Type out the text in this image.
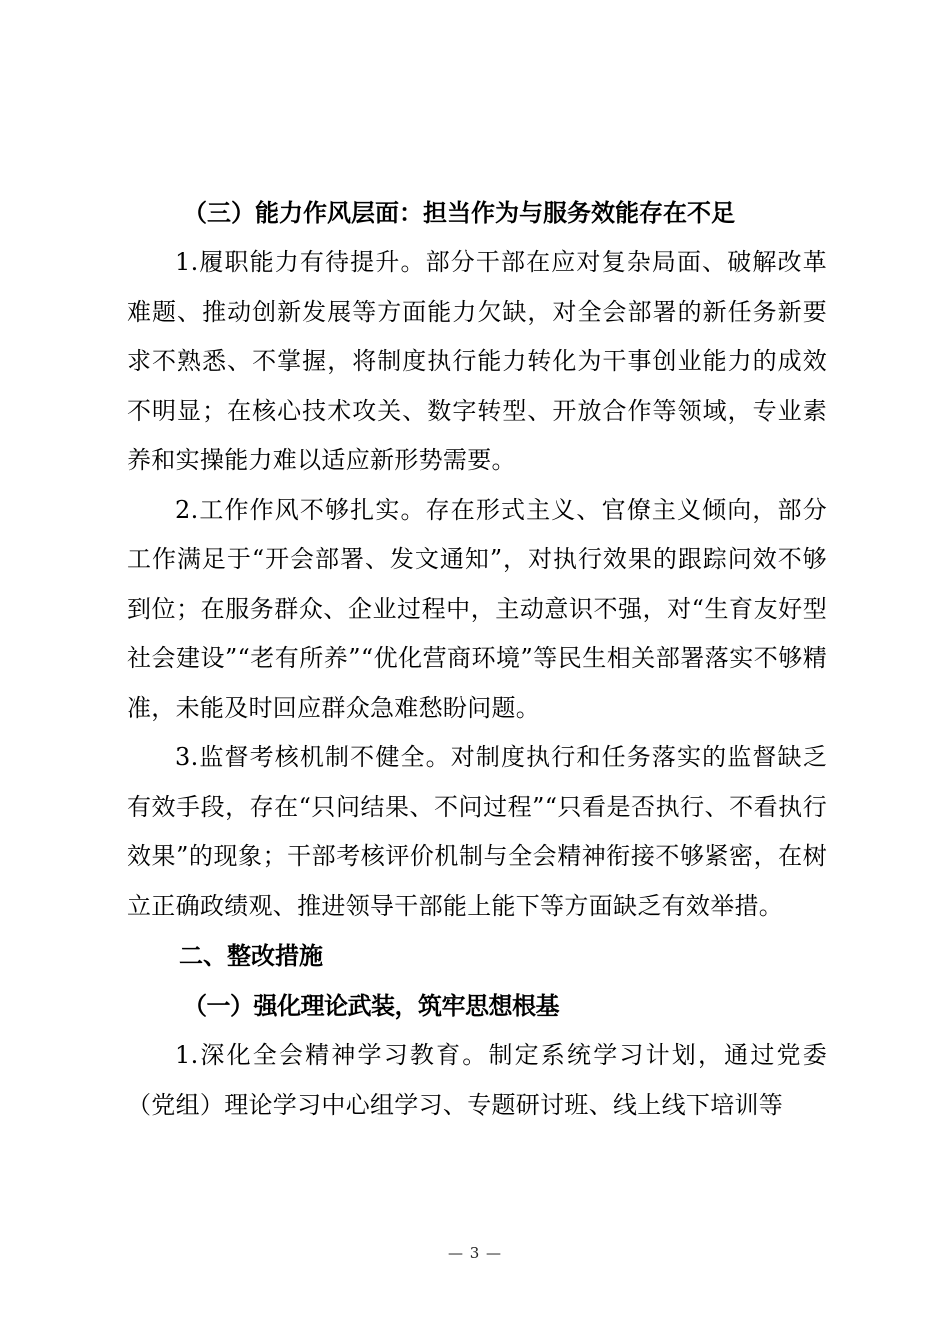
（三）能力作风层面：担当作为与服务效能存在不足

1.履职能力有待提升。部分干部在应对复杂局面、破解改革难题、推动创新发展等方面能力欠缺，对全会部署的新任务新要求不熟悉、不掌握，将制度执行能力转化为干事创业能力的成效不明显；在核心技术攻关、数字转型、开放合作等领域，专业素养和实操能力难以适应新形势需要。

2.工作作风不够扎实。存在形式主义、官僚主义倾向，部分工作满足于“开会部署、发文通知”，对执行效果的跟踪问效不够到位；在服务群众、企业过程中，主动意识不强，对“生育友好型社会建设”“老有所养”“优化营商环境”等民生相关部署落实不够精准，未能及时回应群众急难愁盼问题。

3.监督考核机制不健全。对制度执行和任务落实的监督缺乏有效手段，存在“只问结果、不问过程”“只看是否执行、不看执行效果”的现象；干部考核评价机制与全会精神衔接不够紧密，在树立正确政绩观、推进领导干部能上能下等方面缺乏有效举措。

二、整改措施
（一）强化理论武装，筑牢思想根基

1.深化全会精神学习教育。制定系统学习计划，通过党委（党组）理论学习中心组学习、专题研讨班、线上线下培训等

— 3 —
